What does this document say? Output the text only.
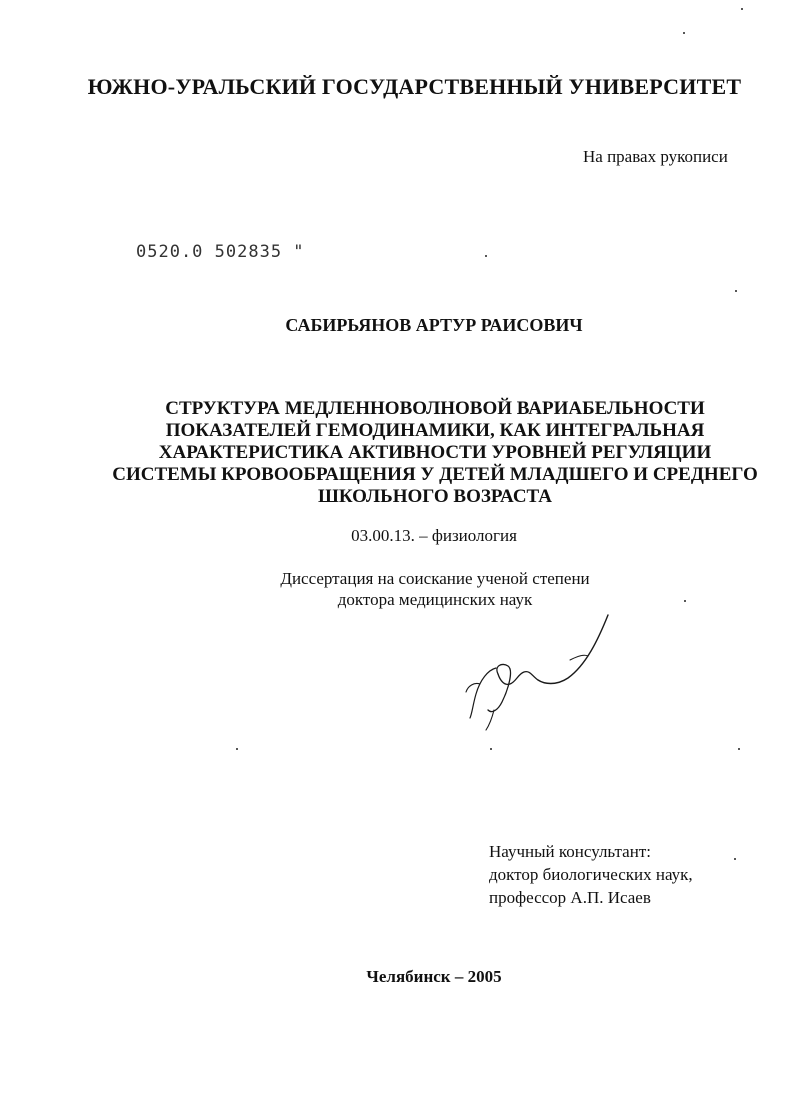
ЮЖНО-УРАЛЬСКИЙ ГОСУДАРСТВЕННЫЙ УНИВЕРСИТЕТ
На правах рукописи
0520.0 502835 "
САБИРЬЯНОВ АРТУР РАИСОВИЧ
СТРУКТУРА МЕДЛЕННОВОЛНОВОЙ ВАРИАБЕЛЬНОСТИ
ПОКАЗАТЕЛЕЙ ГЕМОДИНАМИКИ, КАК ИНТЕГРАЛЬНАЯ
ХАРАКТЕРИСТИКА АКТИВНОСТИ УРОВНЕЙ РЕГУЛЯЦИИ
СИСТЕМЫ КРОВООБРАЩЕНИЯ У ДЕТЕЙ МЛАДШЕГО И СРЕДНЕГО
ШКОЛЬНОГО ВОЗРАСТА
03.00.13. – физиология
Диссертация на соискание ученой степени
доктора медицинских наук
Научный консультант:
доктор биологических наук,
профессор А.П. Исаев
Челябинск – 2005
